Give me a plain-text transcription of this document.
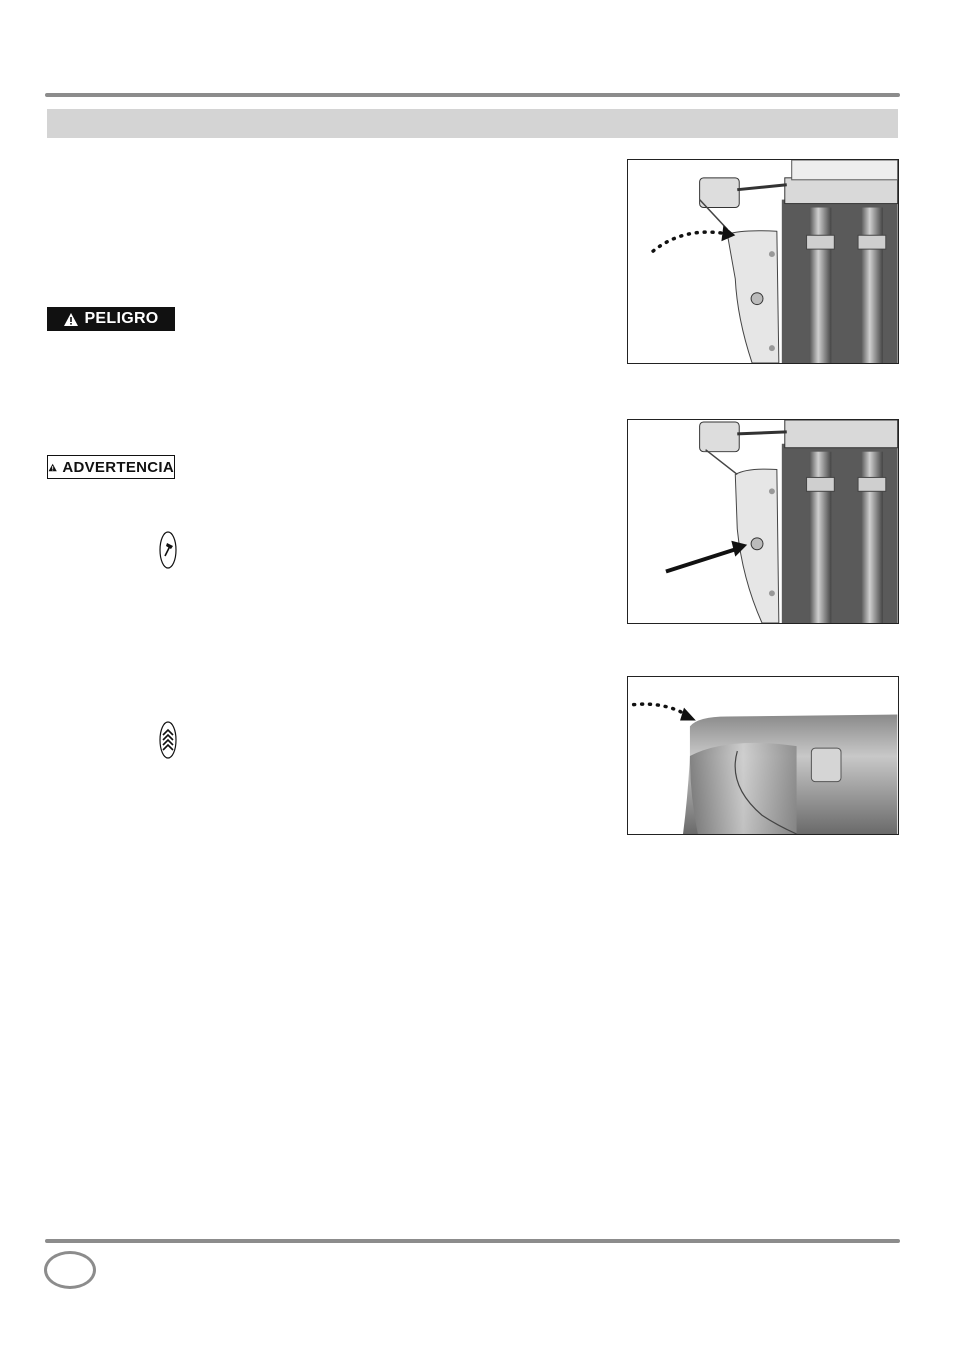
PELIGRO
ADVERTENCIA
